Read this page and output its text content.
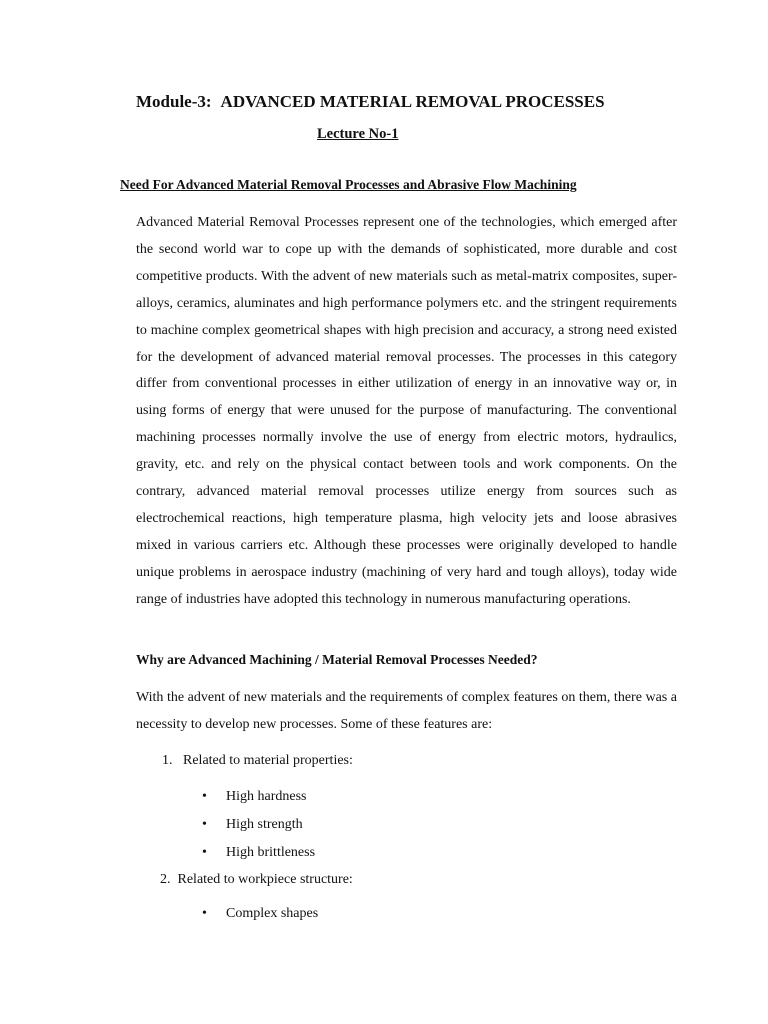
Module-3: ADVANCED MATERIAL REMOVAL PROCESSES
Lecture No-1
Need For Advanced Material Removal Processes and Abrasive Flow Machining

Advanced Material Removal Processes represent one of the technologies, which emerged after the second world war to cope up with the demands of sophisticated, more durable and cost competitive products. With the advent of new materials such as metal-matrix composites, super-alloys, ceramics, aluminates and high performance polymers etc. and the stringent requirements to machine complex geometrical shapes with high precision and accuracy, a strong need existed for the development of advanced material removal processes. The processes in this category differ from conventional processes in either utilization of energy in an innovative way or, in using forms of energy that were unused for the purpose of manufacturing. The conventional machining processes normally involve the use of energy from electric motors, hydraulics, gravity, etc. and rely on the physical contact between tools and work components. On the contrary, advanced material removal processes utilize energy from sources such as electrochemical reactions, high temperature plasma, high velocity jets and loose abrasives mixed in various carriers etc. Although these processes were originally developed to handle unique problems in aerospace industry (machining of very hard and tough alloys), today wide range of industries have adopted this technology in numerous manufacturing operations.

Why are Advanced Machining / Material Removal Processes Needed?

With the advent of new materials and the requirements of complex features on them, there was a necessity to develop new processes. Some of these features are:

1. Related to material properties:
• High hardness
• High strength
• High brittleness
2. Related to workpiece structure:
• Complex shapes
